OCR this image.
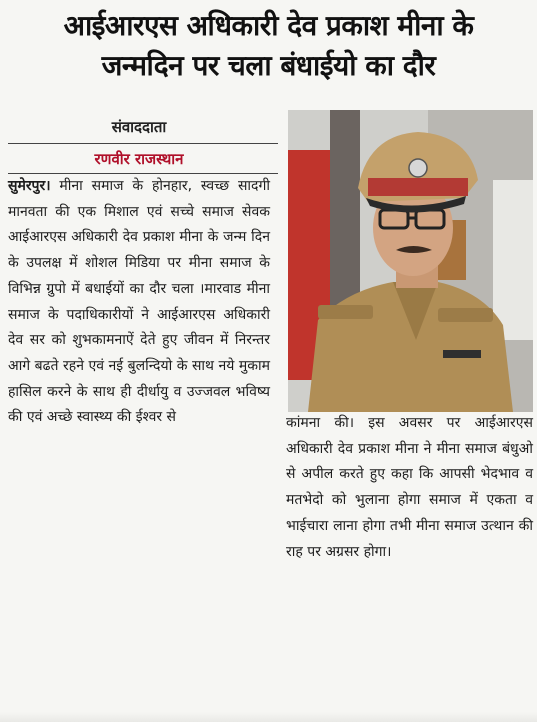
आईआरएस अधिकारी देव प्रकाश मीना के
जन्मदिन पर चला बंधाईयो का दौर
संवाददाता
रणवीर राजस्थान
सुमेरपुर। मीना समाज के होनहार, स्वच्छ सादगी मानवता की एक मिशाल एवं सच्चे समाज सेवक आईआरएस अधिकारी देव प्रकाश मीना के जन्म दिन के उपलक्ष में शोशल मिडिया पर मीना समाज के विभिन्न ग्रुपो में बधाईयों का दौर चला ।मारवाड मीना समाज के पदाधिकारीयों ने आईआरएस अधिकारी देव सर को शुभकामनाऐं देते हुए जीवन में निरन्तर आगे बढते रहने एवं नई बुलन्दियो के साथ नये मुकाम हासिल करने के साथ ही दीर्धायु व उज्जवल भविष्य की एवं अच्छे स्वास्थ्य की ईश्वर से	कांमना की। इस अवसर पर आईआरएस अधिकारी देव प्रकाश मीना ने मीना समाज बंधुओ से अपील करते हुए कहा कि आपसी भेदभाव व मतभेदो को भुलाना होगा समाज में एकता व भाईचारा लाना होगा तभी मीना समाज उत्थान की राह पर अग्रसर होगा।
